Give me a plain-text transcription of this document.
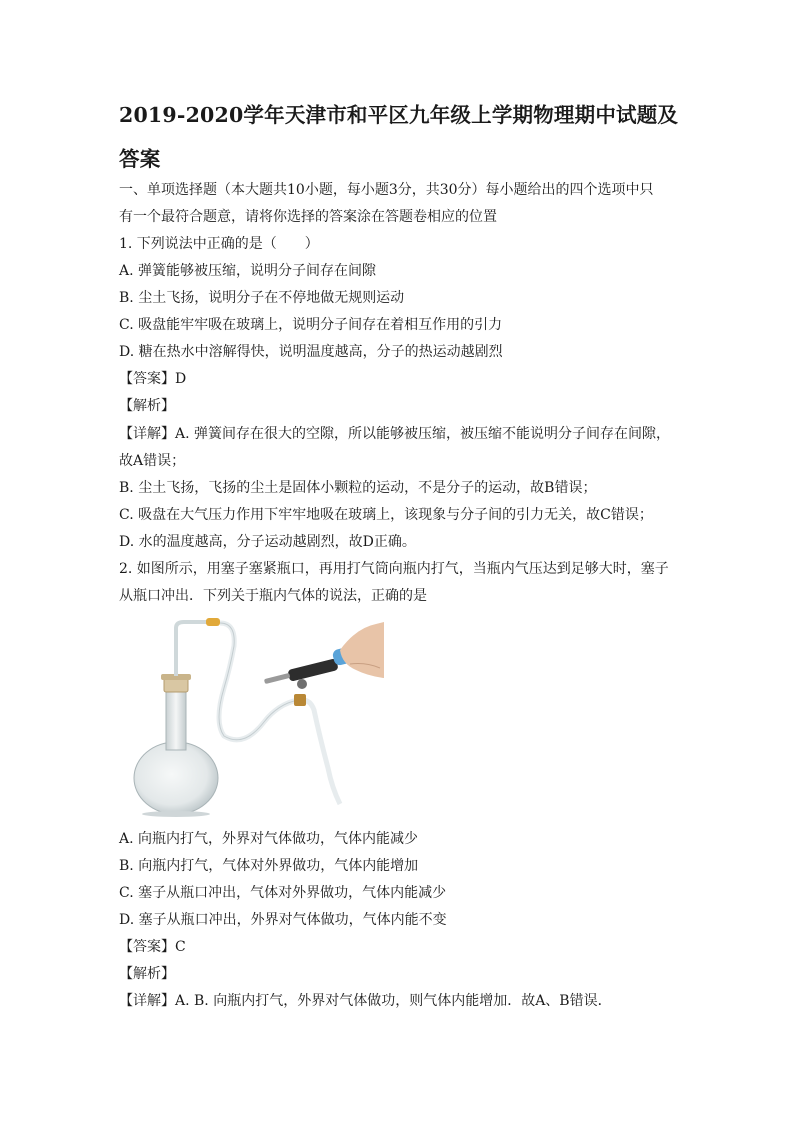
2019-2020学年天津市和平区九年级上学期物理期中试题及
答案
一、单项选择题（本大题共10小题，每小题3分，共30分）每小题给出的四个选项中只
有一个最符合题意，请将你选择的答案涂在答题卷相应的位置
1. 下列说法中正确的是（　　）
A. 弹簧能够被压缩，说明分子间存在间隙
B. 尘土飞扬，说明分子在不停地做无规则运动
C. 吸盘能牢牢吸在玻璃上，说明分子间存在着相互作用的引力
D. 糖在热水中溶解得快，说明温度越高，分子的热运动越剧烈
【答案】D
【解析】
【详解】A. 弹簧间存在很大的空隙，所以能够被压缩，被压缩不能说明分子间存在间隙，
故A错误；
B. 尘土飞扬，飞扬的尘土是固体小颗粒的运动，不是分子的运动，故B错误；
C. 吸盘在大气压力作用下牢牢地吸在玻璃上，该现象与分子间的引力无关，故C错误；
D. 水的温度越高，分子运动越剧烈，故D正确。
2. 如图所示，用塞子塞紧瓶口，再用打气筒向瓶内打气，当瓶内气压达到足够大时，塞子
从瓶口冲出．下列关于瓶内气体的说法，正确的是
A. 向瓶内打气，外界对气体做功，气体内能减少
B. 向瓶内打气，气体对外界做功，气体内能增加
C. 塞子从瓶口冲出，气体对外界做功，气体内能减少
D. 塞子从瓶口冲出，外界对气体做功，气体内能不变
【答案】C
【解析】
【详解】A. B. 向瓶内打气，外界对气体做功，则气体内能增加．故A、B错误．
